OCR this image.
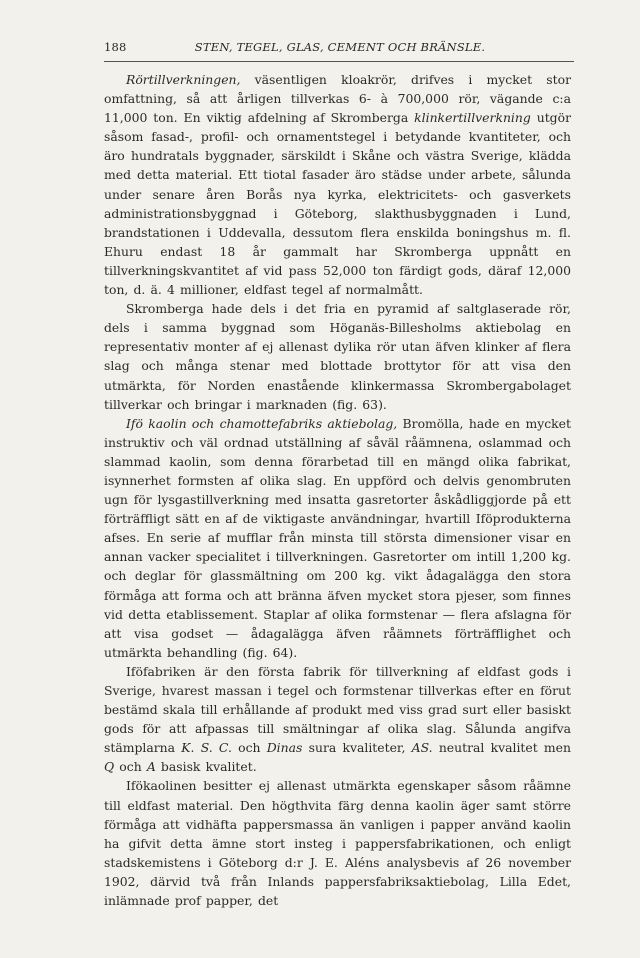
188	STEN, TEGEL, GLAS, CEMENT OCH BRÄNSLE.

Rörtillverkningen, väsentligen kloakrör, drifves i mycket stor omfattning, så att årligen tillverkas 6- à 700,000 rör, vägande c:a 11,000 ton. En viktig afdelning af Skromberga klinkertillverkning utgör såsom fasad-, profil- och ornamentstegel i betydande kvantiteter, och äro hundratals byggnader, särskildt i Skåne och västra Sverige, klädda med detta material. Ett tiotal fasader äro städse under arbete, sålunda under senare åren Borås nya kyrka, elektricitets- och gasverkets administrationsbyggnad i Göteborg, slakthusbyggnaden i Lund, brandstationen i Uddevalla, dessutom flera enskilda boningshus m. fl. Ehuru endast 18 år gammalt har Skromberga uppnått en tillverkningskvantitet af vid pass 52,000 ton färdigt gods, däraf 12,000 ton, d. ä. 4 millioner, eldfast tegel af normalmått.

Skromberga hade dels i det fria en pyramid af saltglaserade rör, dels i samma byggnad som Höganäs-Billesholms aktiebolag en representativ monter af ej allenast dylika rör utan äfven klinker af flera slag och många stenar med blottade brottytor för att visa den utmärkta, för Norden enastående klinkermassa Skrombergabolaget tillverkar och bringar i marknaden (fig. 63).

Ifö kaolin och chamottefabriks aktiebolag, Bromölla, hade en mycket instruktiv och väl ordnad utställning af såväl råämnena, oslammad och slammad kaolin, som denna förarbetad till en mängd olika fabrikat, isynnerhet formsten af olika slag. En uppförd och delvis genombruten ugn för lysgastillverkning med insatta gasretorter åskådliggjorde på ett förträffligt sätt en af de viktigaste användningar, hvartill Iföprodukterna afses. En serie af mufflar från minsta till största dimensioner visar en annan vacker specialitet i tillverkningen. Gasretorter om intill 1,200 kg. och deglar för glassmältning om 200 kg. vikt ådagalägga den stora förmåga att forma och att bränna äfven mycket stora pjeser, som finnes vid detta etablissement. Staplar af olika formstenar — flera afslagna för att visa godset — ådagalägga äfven råämnets förträfflighet och utmärkta behandling (fig. 64).

Iföfabriken är den första fabrik för tillverkning af eldfast gods i Sverige, hvarest massan i tegel och formstenar tillverkas efter en förut bestämd skala till erhållande af produkt med viss grad surt eller basiskt gods för att afpassas till smältningar af olika slag. Sålunda angifva stämplarna K. S. C. och Dinas sura kvaliteter, AS. neutral kvalitet men Q och A basisk kvalitet.

Ifökaolinen besitter ej allenast utmärkta egenskaper såsom råämne till eldfast material. Den högthvita färg denna kaolin äger samt större förmåga att vidhäfta pappersmassa än vanligen i papper använd kaolin ha gifvit detta ämne stort insteg i pappersfabrikationen, och enligt stadskemistens i Göteborg d:r J. E. Aléns analysbevis af 26 november 1902, därvid två från Inlands pappersfabriksaktiebolag, Lilla Edet, inlämnade prof papper, det
